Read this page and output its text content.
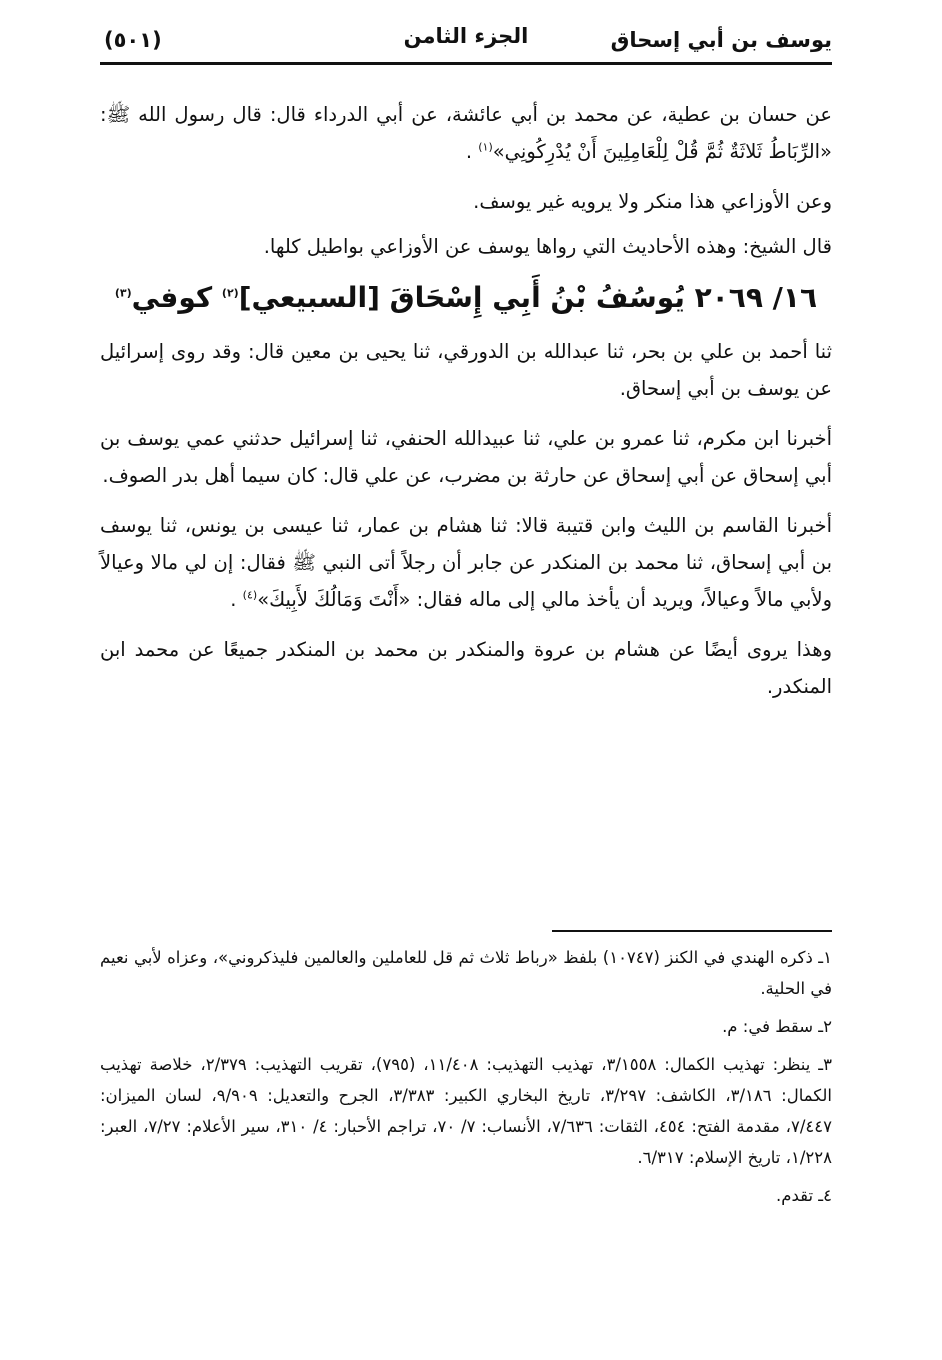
يوسف بن أبي إسحاق
الجزء الثامن
(٥٠١)

عن حسان بن عطية، عن محمد بن أبي عائشة، عن أبي الدرداء قال: قال رسول الله ﷺ: «الرِّبَاطُ ثَلاثَةٌ ثُمَّ قُلْ لِلْعَامِلِينَ أَنْ يُدْرِكُونِي»$^{(١)}$ .

وعن الأوزاعي هذا منكر ولا يرويه غير يوسف.

قال الشيخ: وهذه الأحاديث التي رواها يوسف عن الأوزاعي بواطيل كلها.

١٦/ ٢٠٦٩ يُوسُفُ بْنُ أَبِي إِسْحَاقَ [السبيعي]$^{(٢)}$ كوفي$^{(٣)}$

ثنا أحمد بن علي بن بحر، ثنا عبدالله بن الدورقي، ثنا يحيى بن معين قال: وقد روى إسرائيل عن يوسف بن أبي إسحاق.

أخبرنا ابن مكرم، ثنا عمرو بن علي، ثنا عبيدالله الحنفي، ثنا إسرائيل حدثني عمي يوسف بن أبي إسحاق عن أبي إسحاق عن حارثة بن مضرب، عن علي قال: كان سيما أهل بدر الصوف.

أخبرنا القاسم بن الليث وابن قتيبة قالا: ثنا هشام بن عمار، ثنا عيسى بن يونس، ثنا يوسف بن أبي إسحاق، ثنا محمد بن المنكدر عن جابر أن رجلاً أتى النبي ﷺ فقال: إن لي مالا وعيالاً ولأبي مالاً وعيالاً، ويريد أن يأخذ مالي إلى ماله فقال: «أَنْتَ وَمَالُكَ لأَبِيكَ»$^{(٤)}$ .

وهذا يروى أيضًا عن هشام بن عروة والمنكدر بن محمد بن المنكدر جميعًا عن محمد ابن المنكدر.

١ـ ذكره الهندي في الكنز (١٠٧٤٧) بلفظ «رباط ثلاث ثم قل للعاملين والعالمين فليذكروني»، وعزاه لأبي نعيم في الحلية.

٢ـ سقط في: م.

٣ـ ينظر: تهذيب الكمال: ٣/١٥٥٨، تهذيب التهذيب: ١١/٤٠٨، (٧٩٥)، تقريب التهذيب: ٢/٣٧٩، خلاصة تهذيب الكمال: ٣/١٨٦، الكاشف: ٣/٢٩٧، تاريخ البخاري الكبير: ٣/٣٨٣، الجرح والتعديل: ٩/٩٠٩، لسان الميزان: ٧/٤٤٧، مقدمة الفتح: ٤٥٤، الثقات: ٧/٦٣٦، الأنساب: ٧/ ٧٠، تراجم الأحبار: ٤/ ٣١٠، سير الأعلام: ٧/٢٧، العبر: ١/٢٢٨، تاريخ الإسلام: ٦/٣١٧.

٤ـ تقدم.
